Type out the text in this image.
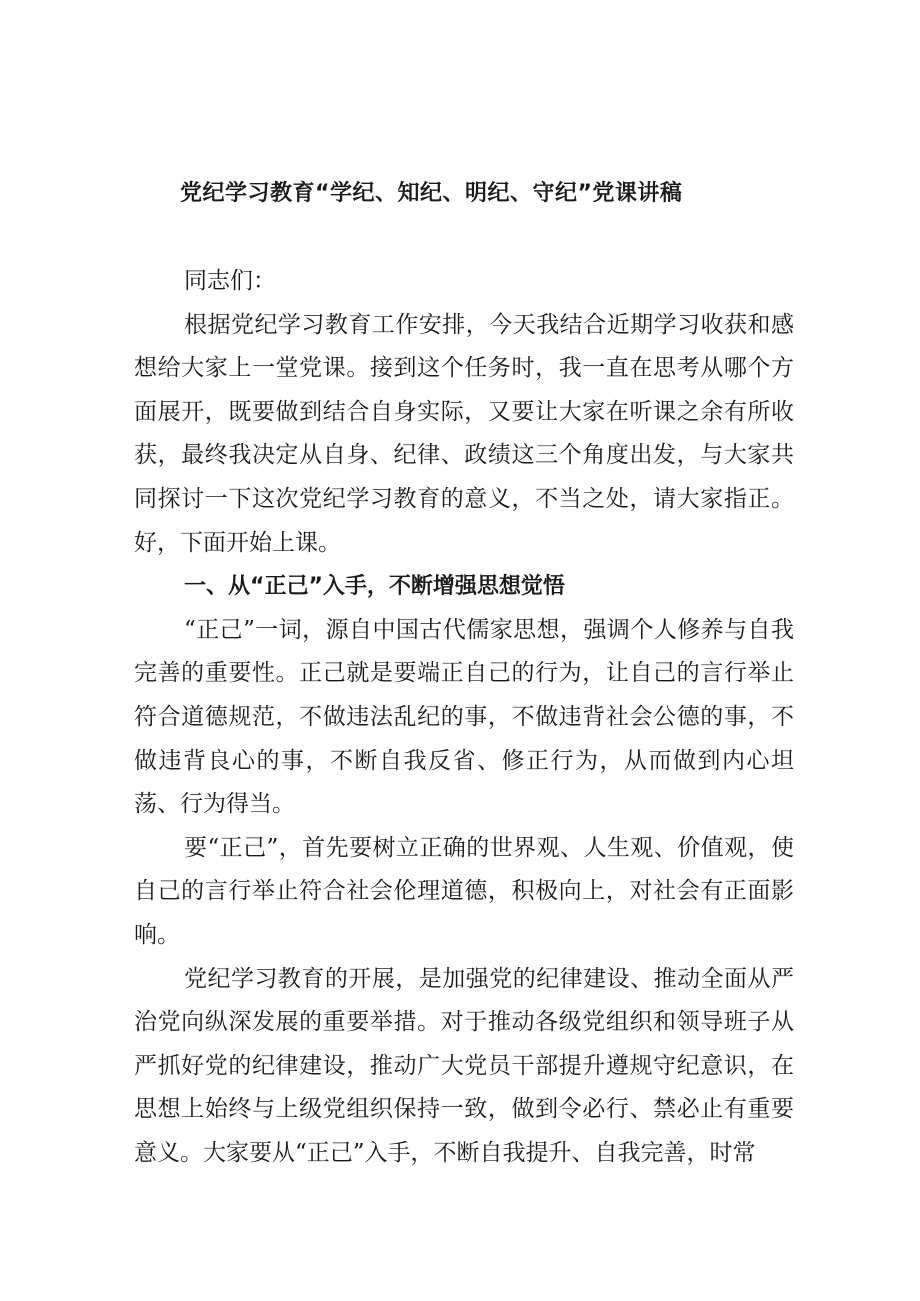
党纪学习教育“学纪、知纪、明纪、守纪”党课讲稿

同志们：

根据党纪学习教育工作安排，今天我结合近期学习收获和感想给大家上一堂党课。接到这个任务时，我一直在思考从哪个方面展开，既要做到结合自身实际，又要让大家在听课之余有所收获，最终我决定从自身、纪律、政绩这三个角度出发，与大家共同探讨一下这次党纪学习教育的意义，不当之处，请大家指正。好，下面开始上课。

一、从“正己”入手，不断增强思想觉悟

“正己”一词，源自中国古代儒家思想，强调个人修养与自我完善的重要性。正己就是要端正自己的行为，让自己的言行举止符合道德规范，不做违法乱纪的事，不做违背社会公德的事，不做违背良心的事，不断自我反省、修正行为，从而做到内心坦荡、行为得当。

要“正己”，首先要树立正确的世界观、人生观、价值观，使自己的言行举止符合社会伦理道德，积极向上，对社会有正面影响。

党纪学习教育的开展，是加强党的纪律建设、推动全面从严治党向纵深发展的重要举措。对于推动各级党组织和领导班子从严抓好党的纪律建设，推动广大党员干部提升遵规守纪意识，在思想上始终与上级党组织保持一致，做到令必行、禁必止有重要意义。大家要从“正己”入手，不断自我提升、自我完善，时常
